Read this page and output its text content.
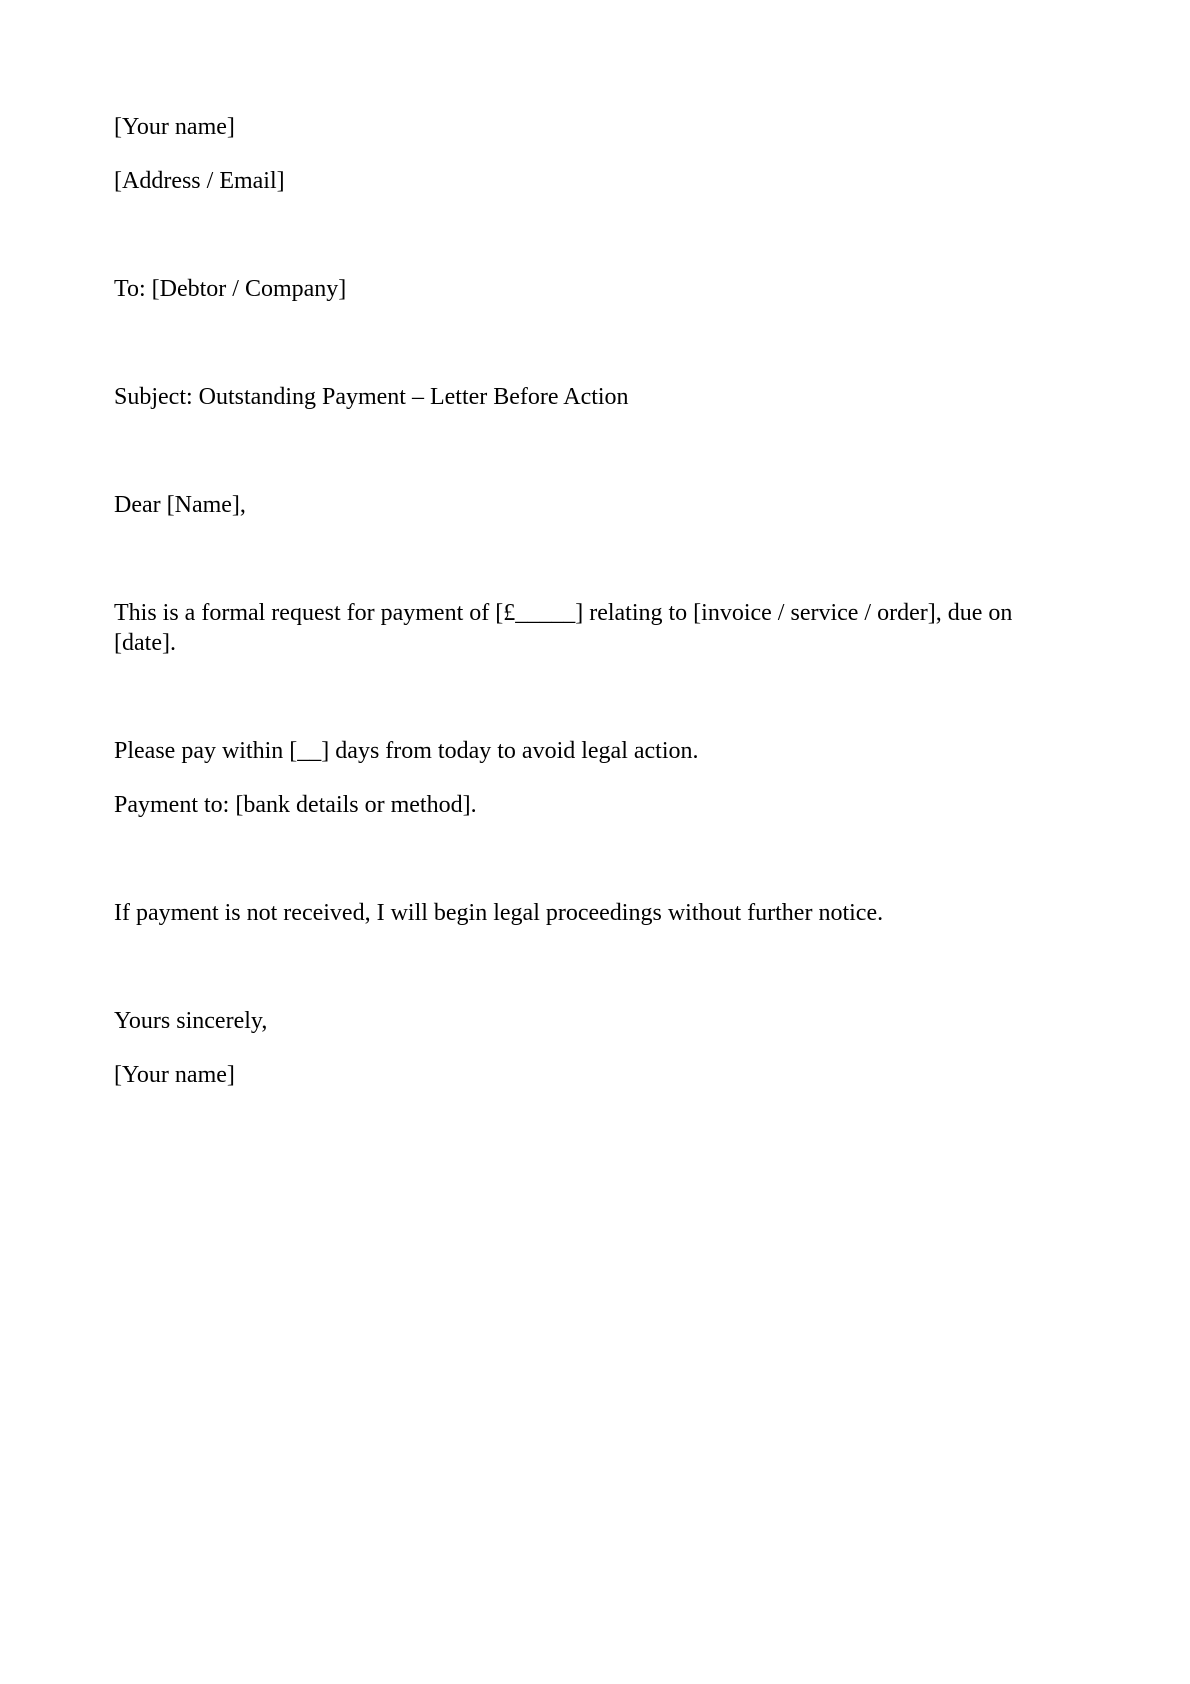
[Your name]

[Address / Email]

To: [Debtor / Company]

Subject: Outstanding Payment – Letter Before Action

Dear [Name],

This is a formal request for payment of [£_____] relating to [invoice / service / order], due on [date].

Please pay within [__] days from today to avoid legal action.

Payment to: [bank details or method].

If payment is not received, I will begin legal proceedings without further notice.

Yours sincerely,

[Your name]
